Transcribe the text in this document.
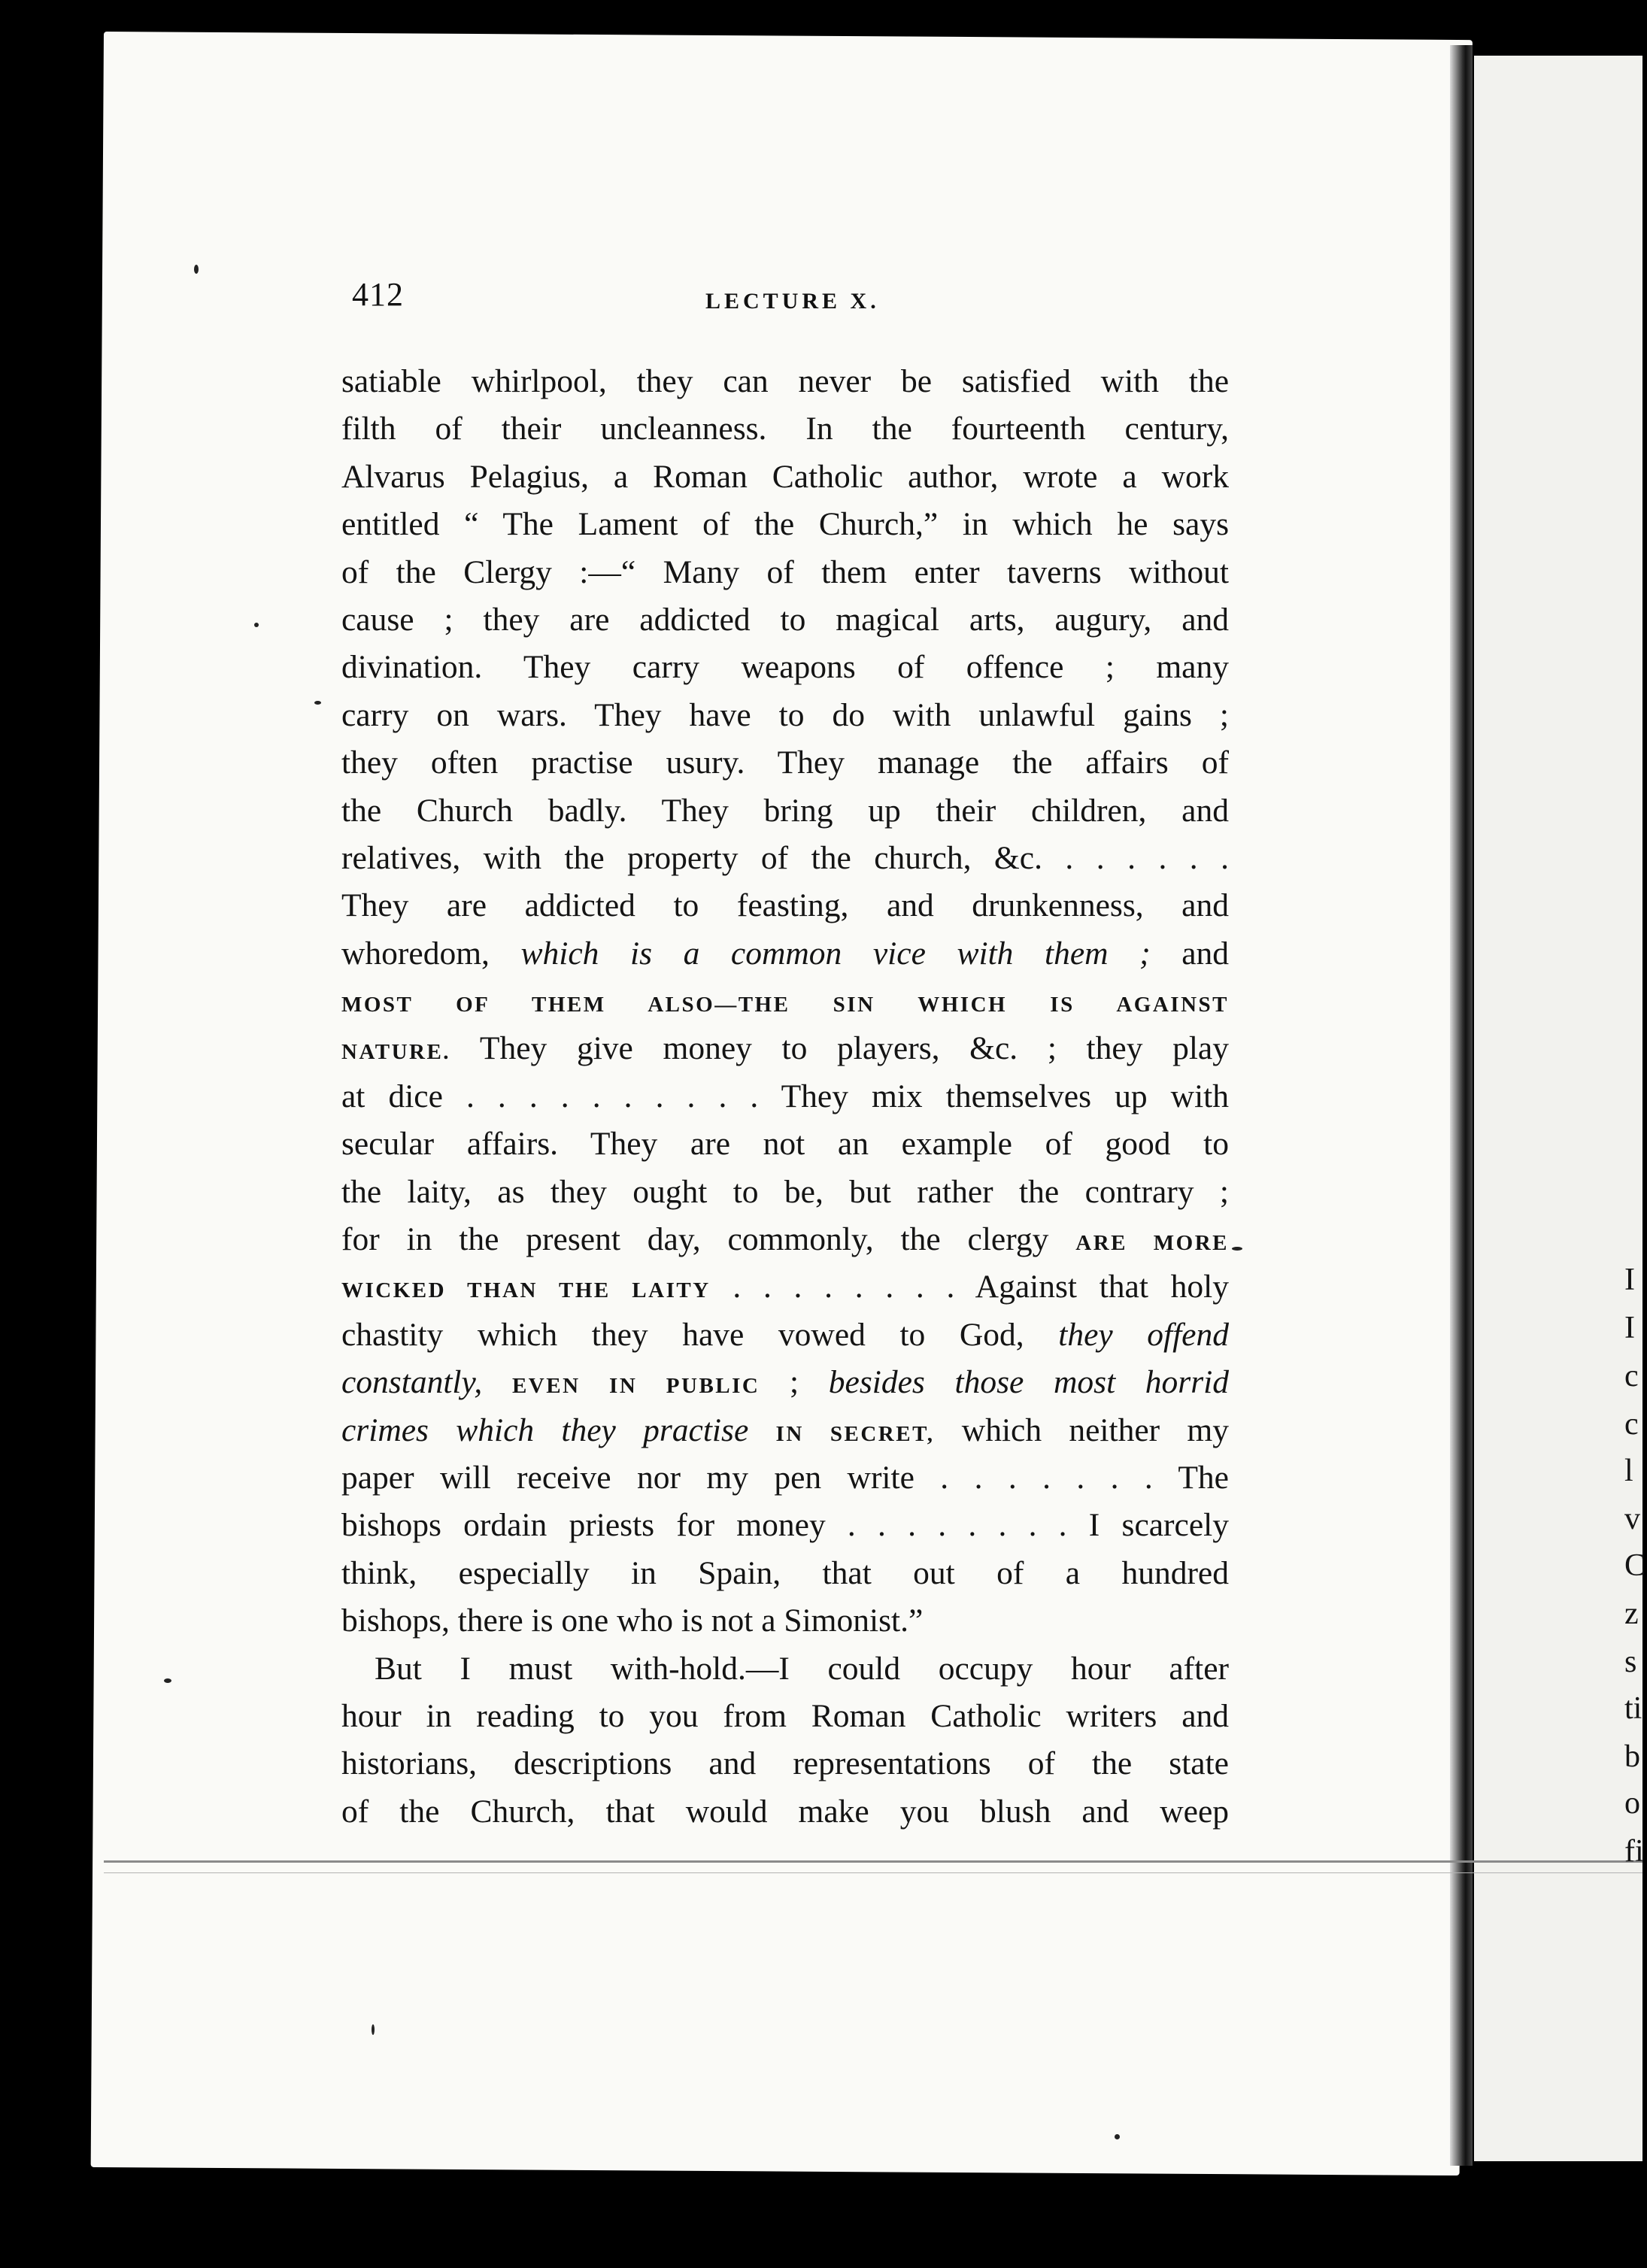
412	LECTURE X.
satiable whirlpool, they can never be satisfied with the
filth of their uncleanness. In the fourteenth century,
Alvarus Pelagius, a Roman Catholic author, wrote a work
entitled “ The Lament of the Church,” in which he says
of the Clergy :—“ Many of them enter taverns without
cause ; they are addicted to magical arts, augury, and
divination. They carry weapons of offence ; many
carry on wars. They have to do with unlawful gains ;
they often practise usury. They manage the affairs of
the Church badly. They bring up their children, and
relatives, with the property of the church, &c. . . . . . .
They are addicted to feasting, and drunkenness, and
whoredom, which is a common vice with them ; and
MOST OF THEM ALSO—THE SIN WHICH IS AGAINST
NATURE. They give money to players, &c. ; they play
at dice . . . . . . . . . . They mix themselves up with
secular affairs. They are not an example of good to
the laity, as they ought to be, but rather the contrary ;
for in the present day, commonly, the clergy ARE MORE
WICKED THAN THE LAITY . . . . . . . . Against that holy
chastity which they have vowed to God, they offend
constantly, EVEN IN PUBLIC ; besides those most horrid
crimes which they practise IN SECRET, which neither my
paper will receive nor my pen write . . . . . . . The
bishops ordain priests for money . . . . . . . . I scarcely
think, especially in Spain, that out of a hundred
bishops, there is one who is not a Simonist.”
But I must with-hold.—I could occupy hour after
hour in reading to you from Roman Catholic writers and
historians, descriptions and representations of the state
of the Church, that would make you blush and weep
I
I
c
c
l
v
C
z
s
ti
b
o
fi
